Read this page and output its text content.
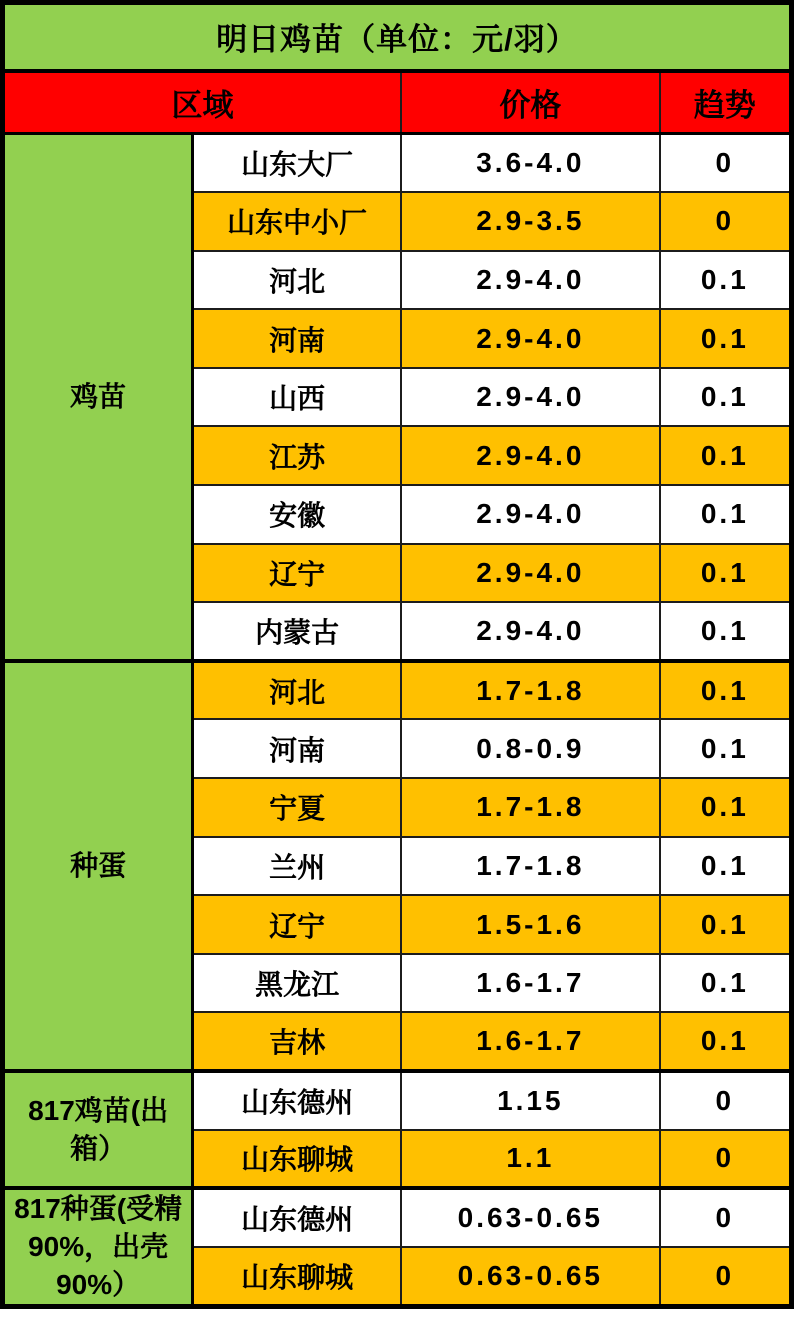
明日鸡苗（单位：元/羽）			
区域		价格	趋势
鸡苗	山东大厂	3.6-4.0	0
	山东中小厂	2.9-3.5	0
	河北	2.9-4.0	0.1
	河南	2.9-4.0	0.1
	山西	2.9-4.0	0.1
	江苏	2.9-4.0	0.1
	安徽	2.9-4.0	0.1
	辽宁	2.9-4.0	0.1
	内蒙古	2.9-4.0	0.1
种蛋	河北	1.7-1.8	0.1
	河南	0.8-0.9	0.1
	宁夏	1.7-1.8	0.1
	兰州	1.7-1.8	0.1
	辽宁	1.5-1.6	0.1
	黑龙江	1.6-1.7	0.1
	吉林	1.6-1.7	0.1
817鸡苗(出箱）	山东德州	1.15	0
	山东聊城	1.1	0
817种蛋(受精90%，出壳90%）	山东德州	0.63-0.65	0
	山东聊城	0.63-0.65	0
